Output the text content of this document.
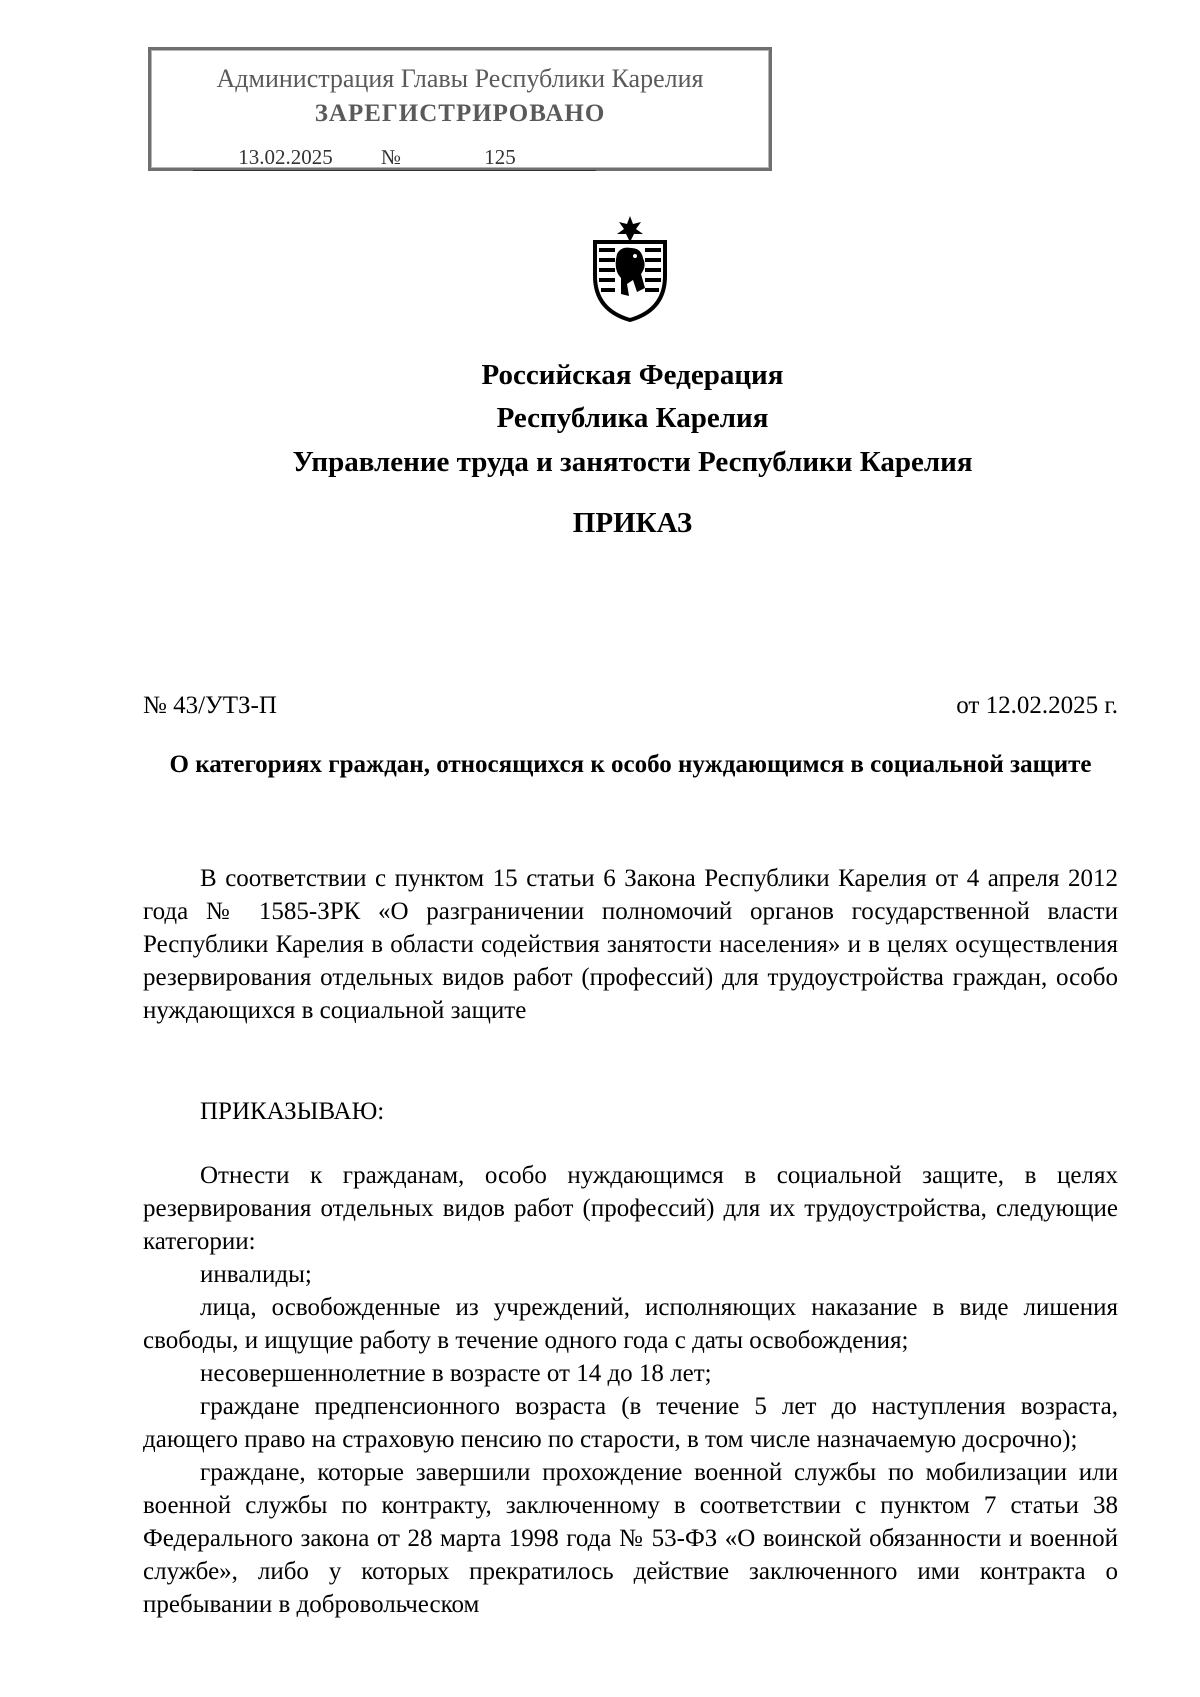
Администрация Главы Республики Карелия
ЗАРЕГИСТРИРОВАНО
13.02.2025 №	125
Российская Федерация
Республика Карелия
Управление труда и занятости Республики Карелия
ПРИКАЗ
№ 43/УТЗ-П	от 12.02.2025 г.
О категориях граждан, относящихся к особо нуждающимся в социальной защите

В соответствии с пунктом 15 статьи 6 Закона Республики Карелия от 4 апреля 2012 года № 1585-ЗРК «О разграничении полномочий органов государственной власти Республики Карелия в области содействия занятости населения» и в целях осуществления резервирования отдельных видов работ (профессий) для трудоустройства граждан, особо нуждающихся в социальной защите

ПРИКАЗЫВАЮ:

Отнести к гражданам, особо нуждающимся в социальной защите, в целях резервирования отдельных видов работ (профессий) для их трудоустройства, следующие категории:

инвалиды;

лица, освобожденные из учреждений, исполняющих наказание в виде лишения свободы, и ищущие работу в течение одного года с даты освобождения;

несовершеннолетние в возрасте от 14 до 18 лет;

граждане предпенсионного возраста (в течение 5 лет до наступления возраста, дающего право на страховую пенсию по старости, в том числе назначаемую досрочно);

граждане, которые завершили прохождение военной службы по мобилизации или военной службы по контракту, заключенному в соответствии с пунктом 7 статьи 38 Федерального закона от 28 марта 1998 года № 53-ФЗ «О воинской обязанности и военной службе», либо у которых прекратилось действие заключенного ими контракта о пребывании в добровольческом
